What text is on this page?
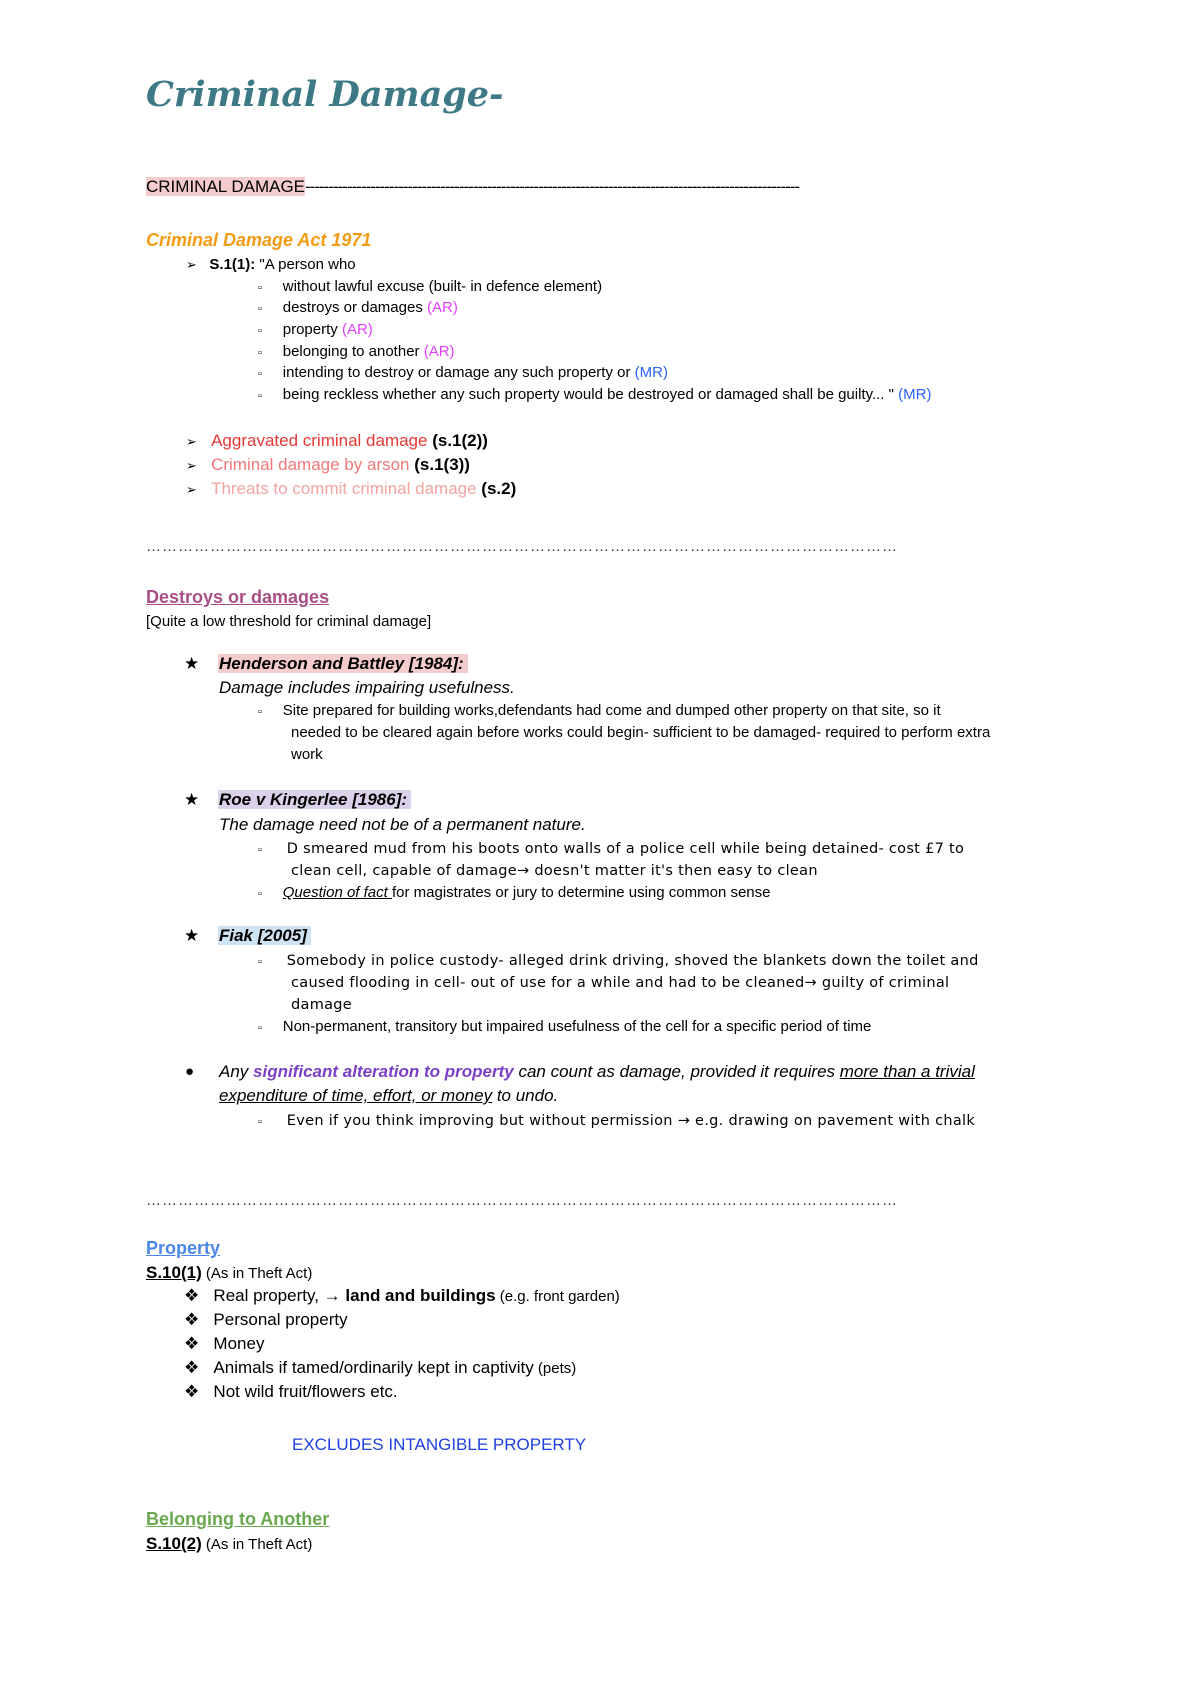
Criminal Damage-
CRIMINAL DAMAGE----------------------------------------------------------------------------------------------------------
Criminal Damage Act 1971
➢ S.1(1): "A person who
▫ without lawful excuse (built- in defence element)
▫ destroys or damages (AR)
▫ property (AR)
▫ belonging to another (AR)
▫ intending to destroy or damage any such property or (MR)
▫ being reckless whether any such property would be destroyed or damaged shall be guilty... " (MR)
➢ Aggravated criminal damage (s.1(2))
➢ Criminal damage by arson (s.1(3))
➢ Threats to commit criminal damage (s.2)
……………………………………………………………………………………………………………………………
Destroys or damages
[Quite a low threshold for criminal damage]
★ Henderson and Battley [1984]:
Damage includes impairing usefulness.
▫ Site prepared for building works,defendants had come and dumped other property on that site, so it
needed to be cleared again before works could begin- sufficient to be damaged- required to perform extra
work
★ Roe v Kingerlee [1986]:
The damage need not be of a permanent nature.
▫ D smeared mud from his boots onto walls of a police cell while being detained- cost £7 to
clean cell, capable of damage→ doesn't matter it's then easy to clean
▫ Question of fact for magistrates or jury to determine using common sense
★ Fiak [2005]
▫ Somebody in police custody- alleged drink driving, shoved the blankets down the toilet and
caused flooding in cell- out of use for a while and had to be cleaned→ guilty of criminal
damage
▫ Non-permanent, transitory but impaired usefulness of the cell for a specific period of time
● Any significant alteration to property can count as damage, provided it requires more than a trivial
expenditure of time, effort, or money to undo.
▫ Even if you think improving but without permission → e.g. drawing on pavement with chalk
……………………………………………………………………………………………………………………………
Property
S.10(1) (As in Theft Act)
❖ Real property, → land and buildings (e.g. front garden)
❖ Personal property
❖ Money
❖ Animals if tamed/ordinarily kept in captivity (pets)
❖ Not wild fruit/flowers etc.
EXCLUDES INTANGIBLE PROPERTY
Belonging to Another
S.10(2) (As in Theft Act)
